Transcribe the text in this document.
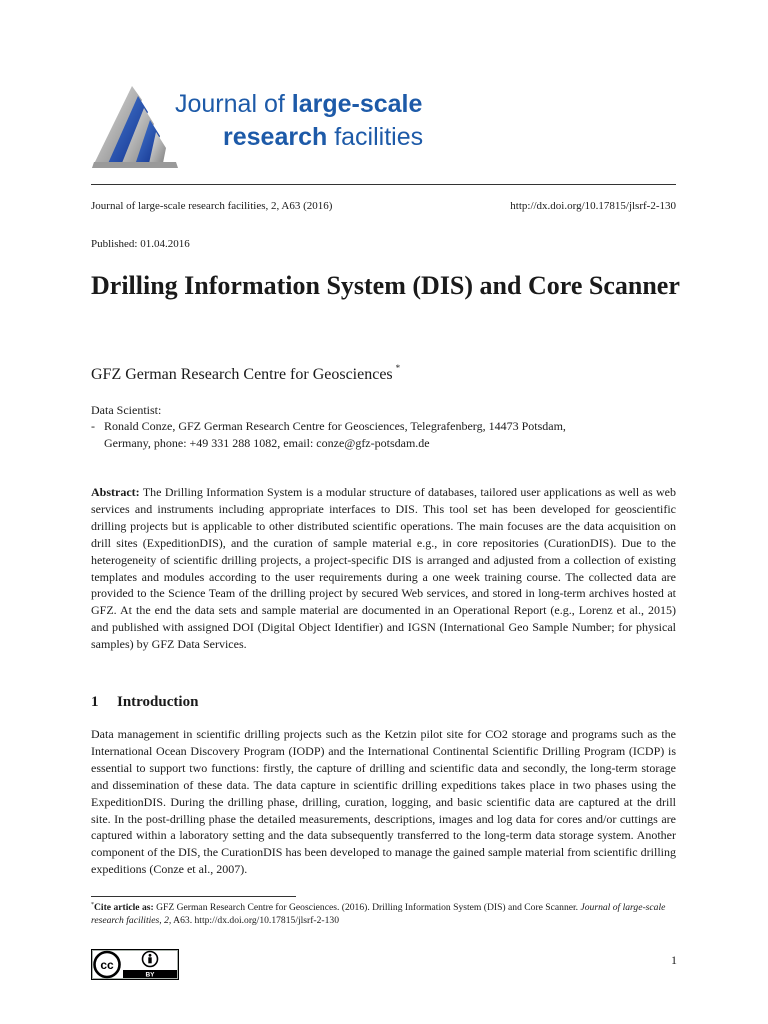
Journal of large-scale
research facilities
Journal of large-scale research facilities, 2, A63 (2016)	http://dx.doi.org/10.17815/jlsrf-2-130
Published: 01.04.2016
Drilling Information System (DIS) and Core Scanner
GFZ German Research Centre for Geosciences *
Data Scientist:
- Ronald Conze, GFZ German Research Centre for Geosciences, Telegrafenberg, 14473 Potsdam,
Germany, phone: +49 331 288 1082, email: conze@gfz-potsdam.de
Abstract: The Drilling Information System is a modular structure of databases, tailored user applications as well as web services and instruments including appropriate interfaces to DIS. This tool set has been developed for geoscientific drilling projects but is applicable to other distributed scientific operations. The main focuses are the data acquisition on drill sites (ExpeditionDIS), and the curation of sample material e.g., in core repositories (CurationDIS). Due to the heterogeneity of scientific drilling projects, a project-specific DIS is arranged and adjusted from a collection of existing templates and modules according to the user requirements during a one week training course. The collected data are provided to the Science Team of the drilling project by secured Web services, and stored in long-term archives hosted at GFZ. At the end the data sets and sample material are documented in an Operational Report (e.g., Lorenz et al., 2015) and published with assigned DOI (Digital Object Identifier) and IGSN (International Geo Sample Number; for physical samples) by GFZ Data Services.
1 Introduction
Data management in scientific drilling projects such as the Ketzin pilot site for CO2 storage and programs such as the International Ocean Discovery Program (IODP) and the International Continental Scientific Drilling Program (ICDP) is essential to support two functions: firstly, the capture of drilling and scientific data and secondly, the long-term storage and dissemination of these data. The data capture in scientific drilling expeditions takes place in two phases using the ExpeditionDIS. During the drilling phase, drilling, curation, logging, and basic scientific data are captured at the drill site. In the post-drilling phase the detailed measurements, descriptions, images and log data for cores and/or cuttings are captured within a laboratory setting and the data subsequently transferred to the long-term data storage system. Another component of the DIS, the CurationDIS has been developed to manage the gained sample material from scientific drilling expeditions (Conze et al., 2007).
*Cite article as: GFZ German Research Centre for Geosciences. (2016). Drilling Information System (DIS) and Core Scanner. Journal of large-scale research facilities, 2, A63. http://dx.doi.org/10.17815/jlsrf-2-130
cc
BY
1
